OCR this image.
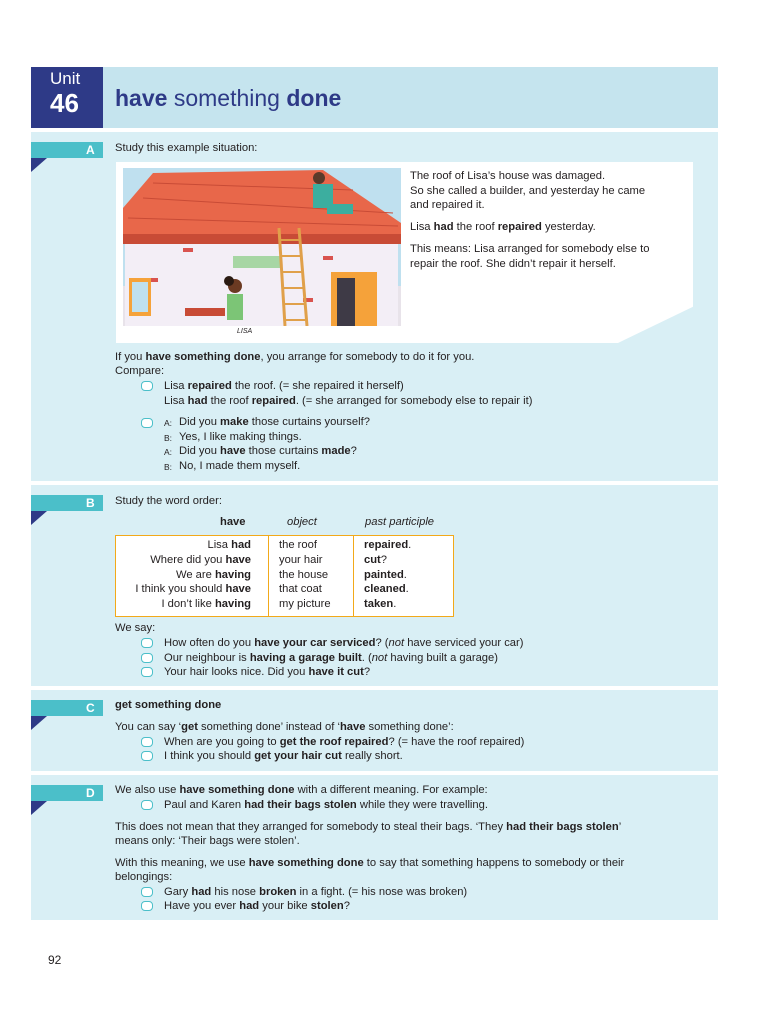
Unit
46 have something done
A Study this example situation:
LISA
The roof of Lisa’s house was damaged.
So she called a builder, and yesterday he came
and repaired it.
Lisa had the roof repaired yesterday.
This means: Lisa arranged for somebody else to
repair the roof. She didn’t repair it herself.
If you have something done, you arrange for somebody to do it for you.
Compare:
Lisa repaired the roof. (= she repaired it herself)
Lisa had the roof repaired. (= she arranged for somebody else to repair it)
A: Did you make those curtains yourself?
B: Yes, I like making things.
A: Did you have those curtains made?
B: No, I made them myself.
B Study the word order:
have	object	past participle
Lisa had	the roof	repaired.
Where did you have	your hair	cut?
We are having	the house	painted.
I think you should have	that coat	cleaned.
I don’t like having	my picture	taken.
We say:
How often do you have your car serviced? (not have serviced your car)
Our neighbour is having a garage built. (not having built a garage)
Your hair looks nice. Did you have it cut?
C get something done
You can say ‘get something done’ instead of ‘have something done’:
When are you going to get the roof repaired? (= have the roof repaired)
I think you should get your hair cut really short.
D We also use have something done with a different meaning. For example:
Paul and Karen had their bags stolen while they were travelling.
This does not mean that they arranged for somebody to steal their bags. ‘They had their bags stolen’
means only: ‘Their bags were stolen’.
With this meaning, we use have something done to say that something happens to somebody or their
belongings:
Gary had his nose broken in a fight. (= his nose was broken)
Have you ever had your bike stolen?
92
